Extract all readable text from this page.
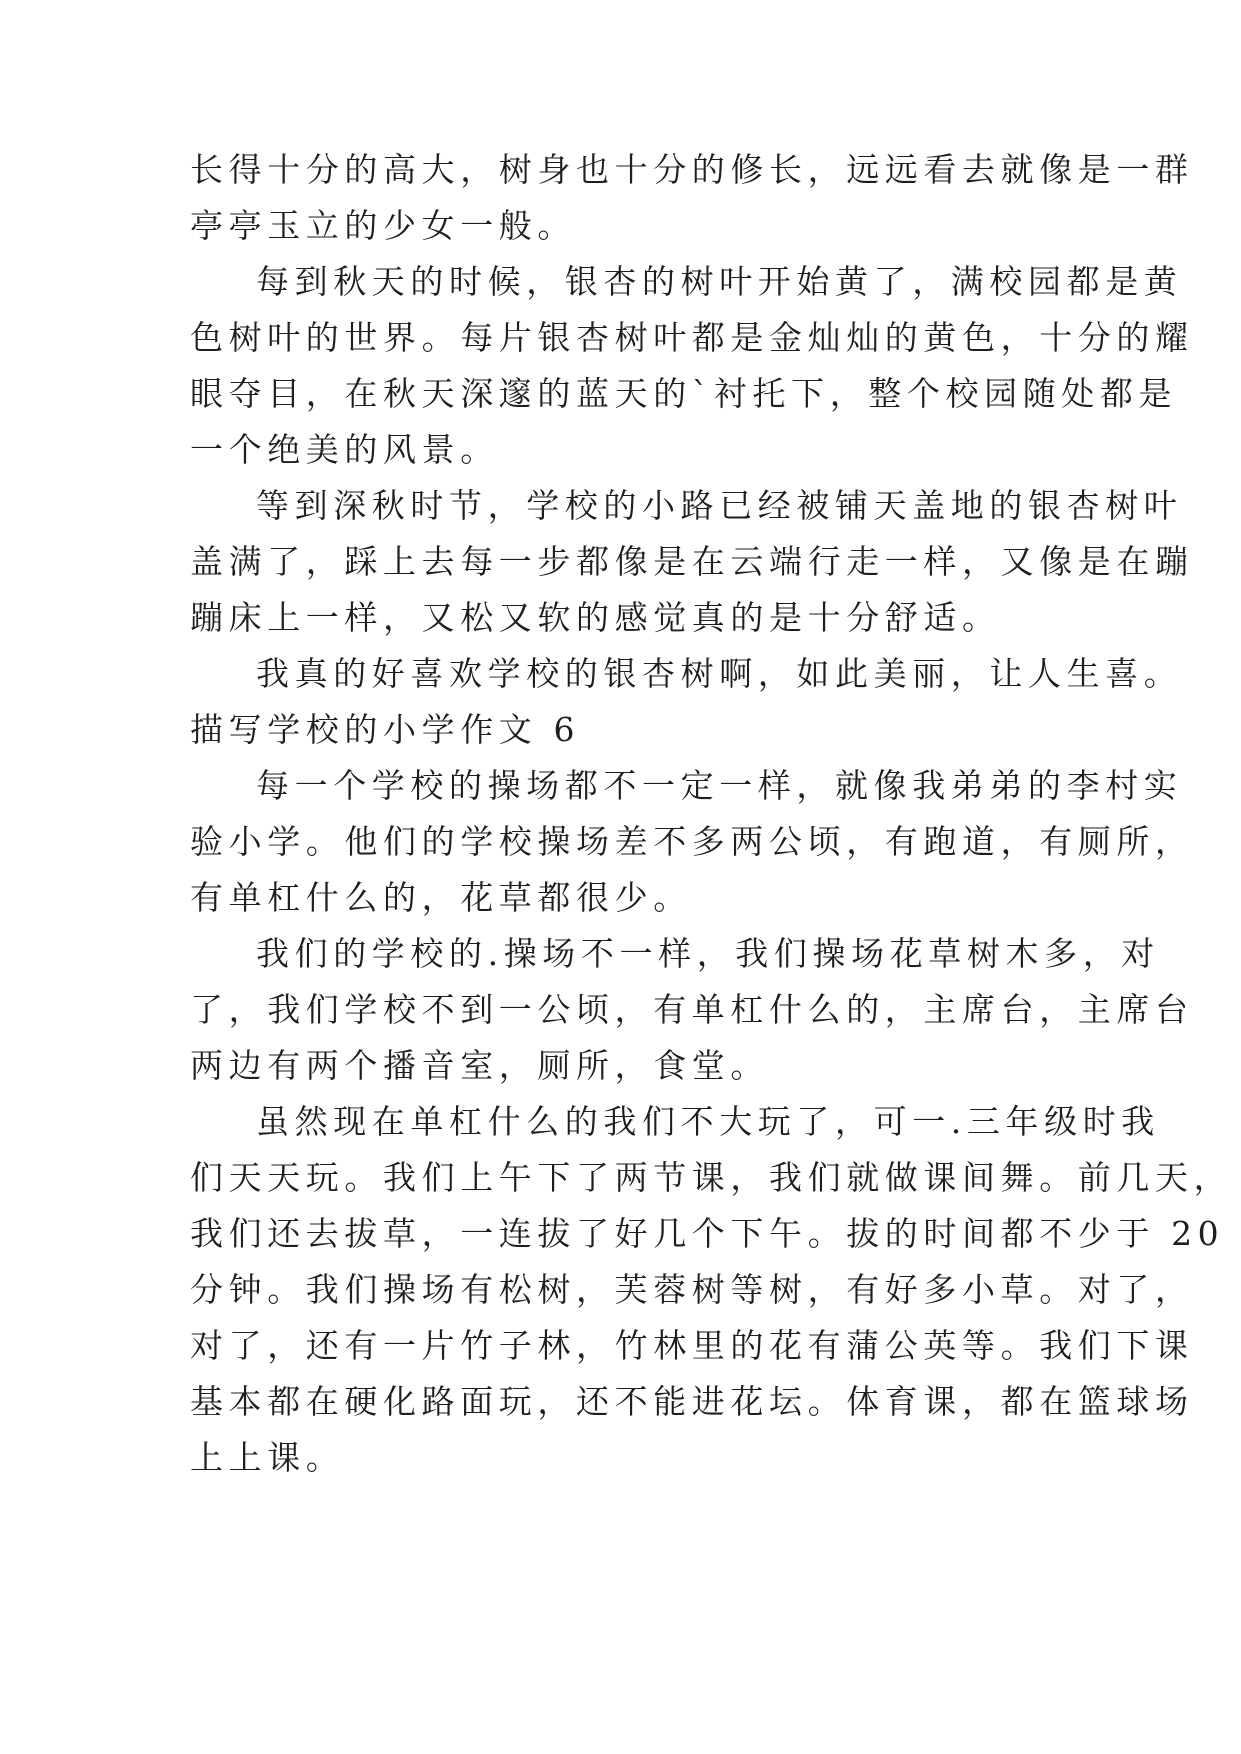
长得十分的高大，树身也十分的修长，远远看去就像是一群
亭亭玉立的少女一般。
每到秋天的时候，银杏的树叶开始黄了，满校园都是黄
色树叶的世界。每片银杏树叶都是金灿灿的黄色，十分的耀
眼夺目，在秋天深邃的蓝天的`衬托下，整个校园随处都是
一个绝美的风景。
等到深秋时节，学校的小路已经被铺天盖地的银杏树叶
盖满了，踩上去每一步都像是在云端行走一样，又像是在蹦
蹦床上一样，又松又软的感觉真的是十分舒适。
我真的好喜欢学校的银杏树啊，如此美丽，让人生喜。
描写学校的小学作文 6
每一个学校的操场都不一定一样，就像我弟弟的李村实
验小学。他们的学校操场差不多两公顷，有跑道，有厕所，
有单杠什么的，花草都很少。
我们的学校的.操场不一样，我们操场花草树木多，对
了，我们学校不到一公顷，有单杠什么的，主席台，主席台
两边有两个播音室，厕所，食堂。
虽然现在单杠什么的我们不大玩了，可一.三年级时我
们天天玩。我们上午下了两节课，我们就做课间舞。前几天，
我们还去拔草，一连拔了好几个下午。拔的时间都不少于 20
分钟。我们操场有松树，芙蓉树等树，有好多小草。对了，
对了，还有一片竹子林，竹林里的花有蒲公英等。我们下课
基本都在硬化路面玩，还不能进花坛。体育课，都在篮球场
上上课。
